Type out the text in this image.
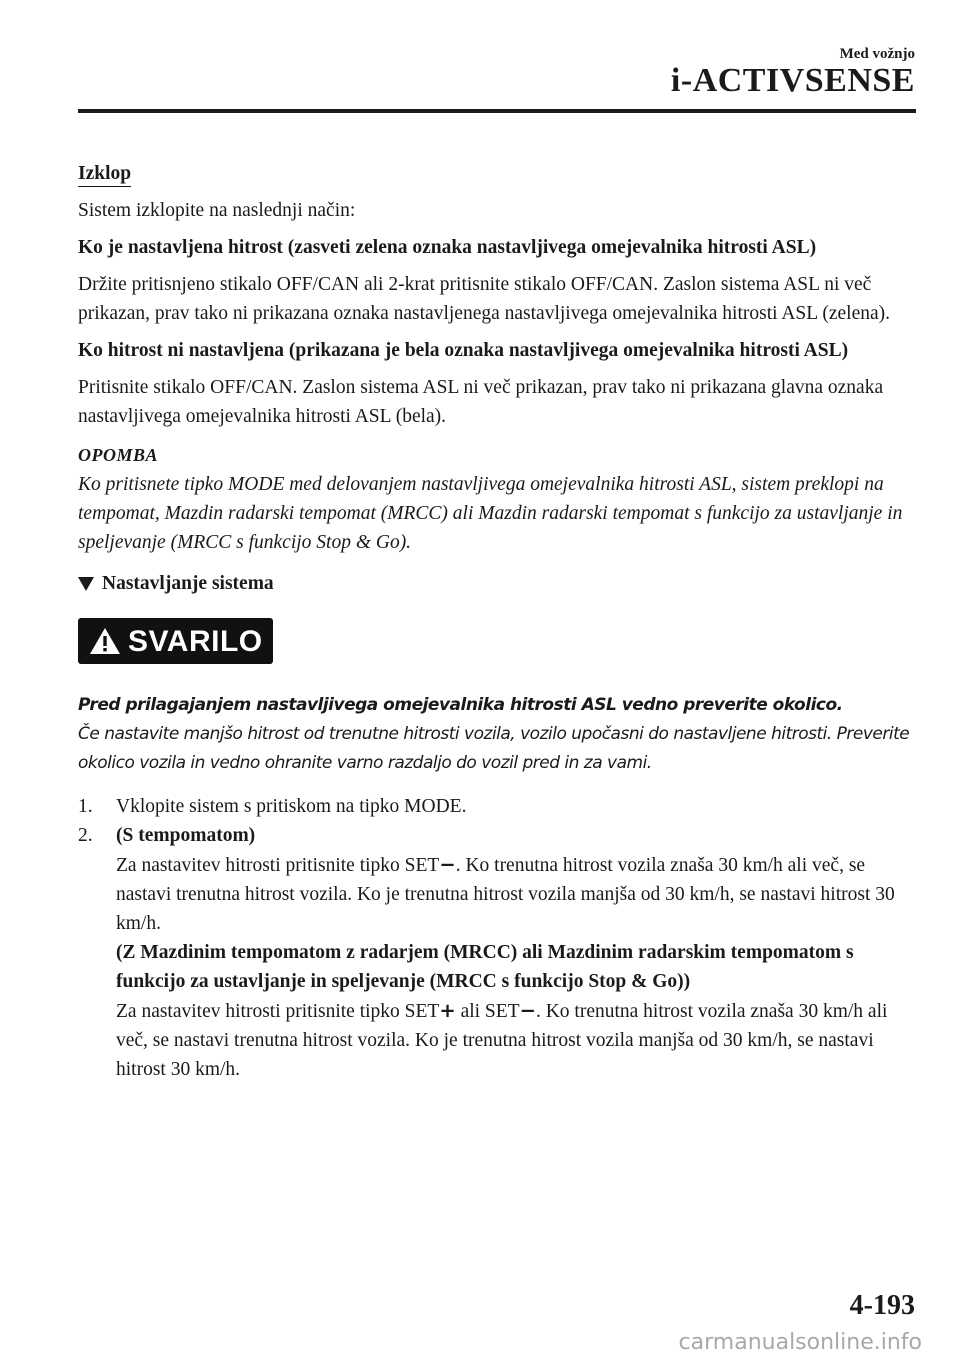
Med vožnjo
i-ACTIVSENSE
Izklop

Sistem izklopite na naslednji način:

Ko je nastavljena hitrost (zasveti zelena oznaka nastavljivega omejevalnika hitrosti ASL)

Držite pritisnjeno stikalo OFF/CAN ali 2-krat pritisnite stikalo OFF/CAN. Zaslon sistema ASL ni več prikazan, prav tako ni prikazana oznaka nastavljenega nastavljivega omejevalnika hitrosti ASL (zelena).

Ko hitrost ni nastavljena (prikazana je bela oznaka nastavljivega omejevalnika hitrosti ASL)

Pritisnite stikalo OFF/CAN. Zaslon sistema ASL ni več prikazan, prav tako ni prikazana glavna oznaka nastavljivega omejevalnika hitrosti ASL (bela).

OPOMBA

Ko pritisnete tipko MODE med delovanjem nastavljivega omejevalnika hitrosti ASL, sistem preklopi na tempomat, Mazdin radarski tempomat (MRCC) ali Mazdin radarski tempomat s funkcijo za ustavljanje in speljevanje (MRCC s funkcijo Stop & Go).

Nastavljanje sistema
SVARILO

Pred prilagajanjem nastavljivega omejevalnika hitrosti ASL vedno preverite okolico.

Če nastavite manjšo hitrost od trenutne hitrosti vozila, vozilo upočasni do nastavljene hitrosti. Preverite okolico vozila in vedno ohranite varno razdaljo do vozil pred in za vami.

1.	Vklopite sistem s pritiskom na tipko MODE.
2.	(S tempomatom)
Za nastavitev hitrosti pritisnite tipko SET−. Ko trenutna hitrost vozila znaša 30 km/h ali več, se nastavi trenutna hitrost vozila. Ko je trenutna hitrost vozila manjša od 30 km/h, se nastavi hitrost 30 km/h.
(Z Mazdinim tempomatom z radarjem (MRCC) ali Mazdinim radarskim tempomatom s funkcijo za ustavljanje in speljevanje (MRCC s funkcijo Stop & Go))
Za nastavitev hitrosti pritisnite tipko SET+ ali SET−. Ko trenutna hitrost vozila znaša 30 km/h ali več, se nastavi trenutna hitrost vozila. Ko je trenutna hitrost vozila manjša od 30 km/h, se nastavi hitrost 30 km/h.
4-193
carmanualsonline.info
